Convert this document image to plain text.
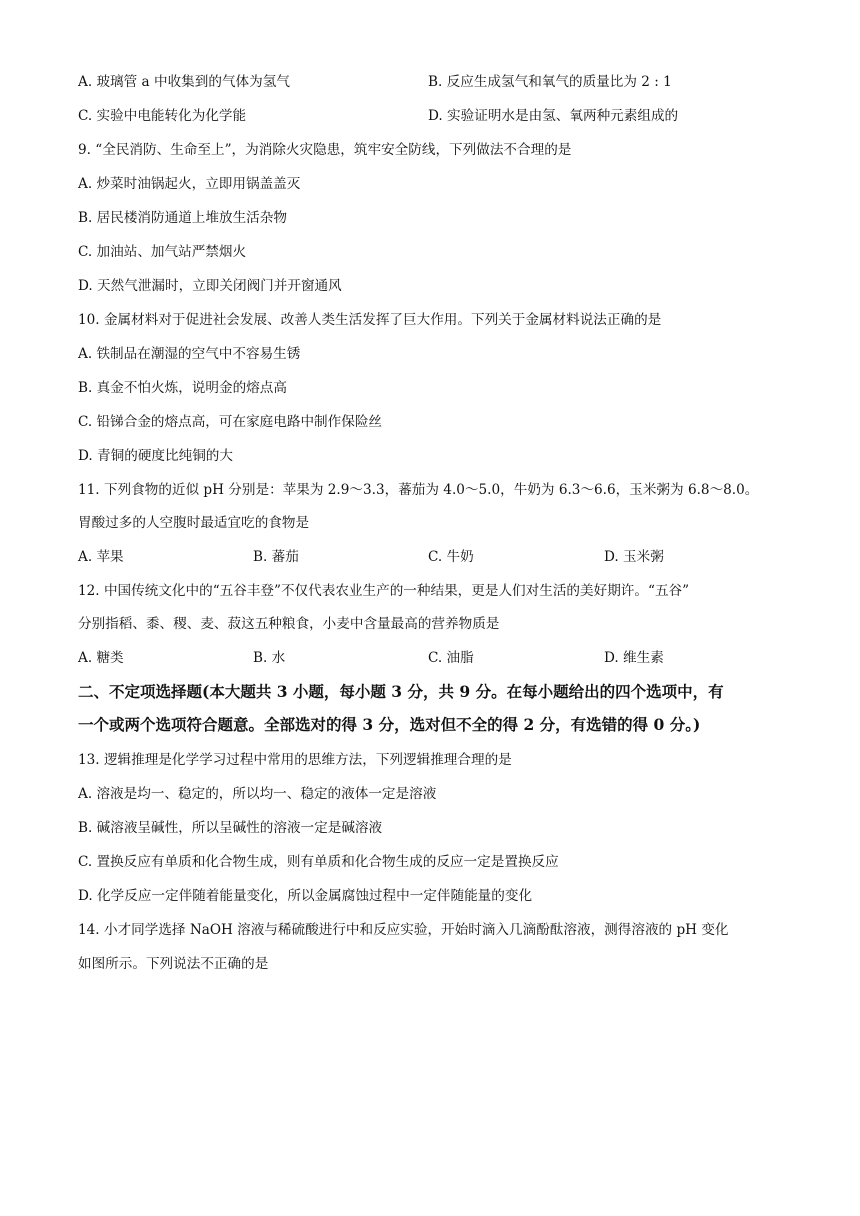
A. 玻璃管 a 中收集到的气体为氢气	B. 反应生成氢气和氧气的质量比为 2 : 1
C. 实验中电能转化为化学能	D. 实验证明水是由氢、氧两种元素组成的
9. “全民消防、生命至上”，为消除火灾隐患，筑牢安全防线，下列做法不合理的是
A. 炒菜时油锅起火，立即用锅盖盖灭
B. 居民楼消防通道上堆放生活杂物
C. 加油站、加气站严禁烟火
D. 天然气泄漏时，立即关闭阀门并开窗通风
10. 金属材料对于促进社会发展、改善人类生活发挥了巨大作用。下列关于金属材料说法正确的是
A. 铁制品在潮湿的空气中不容易生锈
B. 真金不怕火炼，说明金的熔点高
C. 铅锑合金的熔点高，可在家庭电路中制作保险丝
D. 青铜的硬度比纯铜的大
11. 下列食物的近似 pH 分别是：苹果为 2.9～3.3，蕃茄为 4.0～5.0，牛奶为 6.3～6.6，玉米粥为 6.8～8.0。
胃酸过多的人空腹时最适宜吃的食物是
A. 苹果	B. 蕃茄	C. 牛奶	D. 玉米粥
12. 中国传统文化中的“五谷丰登”不仅代表农业生产的一种结果，更是人们对生活的美好期许。“五谷”
分别指稻、黍、稷、麦、菽这五种粮食，小麦中含量最高的营养物质是
A. 糖类	B. 水	C. 油脂	D. 维生素
二、不定项选择题(本大题共 3 小题，每小题 3 分，共 9 分。在每小题给出的四个选项中，有
一个或两个选项符合题意。全部选对的得 3 分，选对但不全的得 2 分，有选错的得 0 分。)
13. 逻辑推理是化学学习过程中常用的思维方法，下列逻辑推理合理的是
A. 溶液是均一、稳定的，所以均一、稳定的液体一定是溶液
B. 碱溶液呈碱性，所以呈碱性的溶液一定是碱溶液
C. 置换反应有单质和化合物生成，则有单质和化合物生成的反应一定是置换反应
D. 化学反应一定伴随着能量变化，所以金属腐蚀过程中一定伴随能量的变化
14. 小才同学选择 NaOH 溶液与稀硫酸进行中和反应实验，开始时滴入几滴酚酞溶液，测得溶液的 pH 变化
如图所示。下列说法不正确的是
